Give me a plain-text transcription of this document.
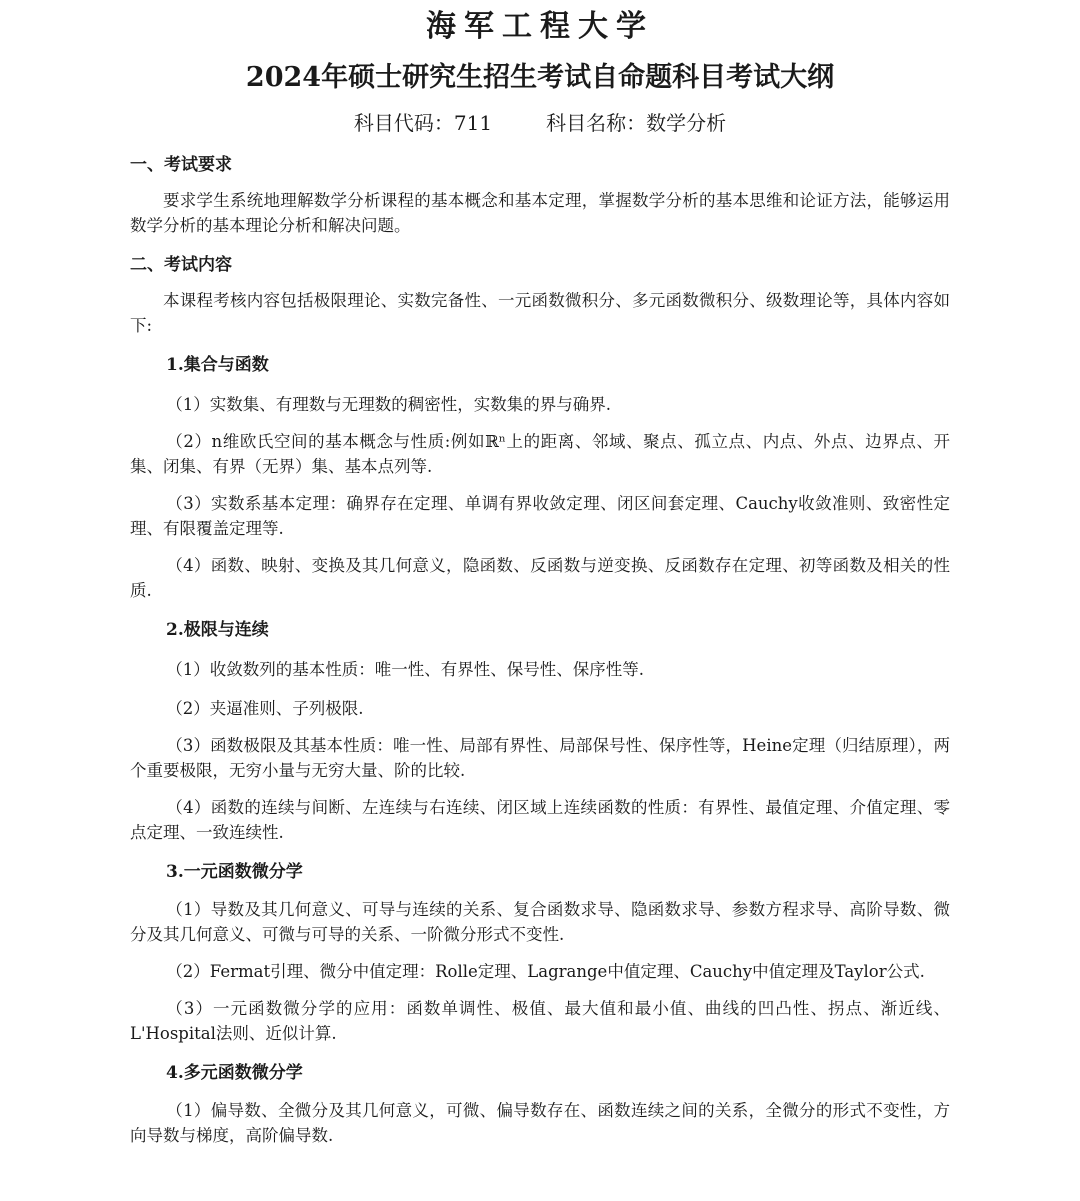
海军工程大学
2024年硕士研究生招生考试自命题科目考试大纲
科目代码：711	科目名称：数学分析
一、考试要求
要求学生系统地理解数学分析课程的基本概念和基本定理，掌握数学分析的基本思维和论证方法，能够运用数学分析的基本理论分析和解决问题。
二、考试内容
本课程考核内容包括极限理论、实数完备性、一元函数微积分、多元函数微积分、级数理论等，具体内容如下:
1.集合与函数
（1）实数集、有理数与无理数的稠密性，实数集的界与确界.
（2）n维欧氏空间的基本概念与性质:例如ℝⁿ上的距离、邻域、聚点、孤立点、内点、外点、边界点、开集、闭集、有界（无界）集、基本点列等.
（3）实数系基本定理：确界存在定理、单调有界收敛定理、闭区间套定理、Cauchy收敛准则、致密性定理、有限覆盖定理等.
（4）函数、映射、变换及其几何意义，隐函数、反函数与逆变换、反函数存在定理、初等函数及相关的性质.
2.极限与连续
（1）收敛数列的基本性质：唯一性、有界性、保号性、保序性等.
（2）夹逼准则、子列极限.
（3）函数极限及其基本性质：唯一性、局部有界性、局部保号性、保序性等，Heine定理（归结原理），两个重要极限，无穷小量与无穷大量、阶的比较.
（4）函数的连续与间断、左连续与右连续、闭区域上连续函数的性质：有界性、最值定理、介值定理、零点定理、一致连续性.
3.一元函数微分学
（1）导数及其几何意义、可导与连续的关系、复合函数求导、隐函数求导、参数方程求导、高阶导数、微分及其几何意义、可微与可导的关系、一阶微分形式不变性.
（2）Fermat引理、微分中值定理：Rolle定理、Lagrange中值定理、Cauchy中值定理及Taylor公式.
（3）一元函数微分学的应用：函数单调性、极值、最大值和最小值、曲线的凹凸性、拐点、渐近线、L'Hospital法则、近似计算.
4.多元函数微分学
（1）偏导数、全微分及其几何意义，可微、偏导数存在、函数连续之间的关系，全微分的形式不变性，方向导数与梯度，高阶偏导数.
